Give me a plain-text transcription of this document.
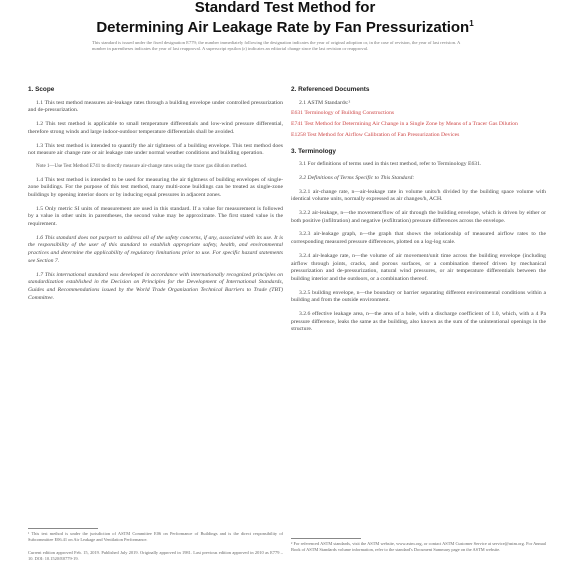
Standard Test Method for
Determining Air Leakage Rate by Fan Pressurization$^1$
This standard is issued under the fixed designation E779; the number immediately following the designation indicates the year of original adoption or, in the case of revision, the year of last revision. A number in parentheses indicates the year of last reapproval. A superscript epsilon (ε) indicates an editorial change since the last revision or reapproval.
1. Scope

1.1 This test method measures air-leakage rates through a building envelope under controlled pressurization and de-pressurization.

1.2 This test method is applicable to small temperature differentials and low-wind pressure differential, therefore strong winds and large indoor-outdoor temperature differentials shall be avoided.

1.3 This test method is intended to quantify the air tightness of a building envelope. This test method does not measure air change rate or air leakage rate under normal weather conditions and building operation.

Note 1—Use Test Method E741 to directly measure air-change rates using the tracer gas dilution method.

1.4 This test method is intended to be used for measuring the air tightness of building envelopes of single-zone buildings. For the purpose of this test method, many multi-zone buildings can be treated as single-zone buildings by opening interior doors or by inducing equal pressures in adjacent zones.

1.5 Only metric SI units of measurement are used in this standard. If a value for measurement is followed by a value in other units in parentheses, the second value may be approximate. The first stated value is the requirement.

1.6 This standard does not purport to address all of the safety concerns, if any, associated with its use. It is the responsibility of the user of this standard to establish appropriate safety, health, and environmental practices and determine the applicability of regulatory limitations prior to use. For specific hazard statements see Section 7.

1.7 This international standard was developed in accordance with internationally recognized principles on standardization established in the Decision on Principles for the Development of International Standards, Guides and Recommendations issued by the World Trade Organization Technical Barriers to Trade (TBT) Committee.

¹ This test method is under the jurisdiction of ASTM Committee E06 on Performance of Buildings and is the direct responsibility of Subcommittee E06.41 on Air Leakage and Ventilation Performance.
Current edition approved Feb. 15, 2019. Published July 2019. Originally approved in 1981. Last previous edition approved in 2010 as E779 – 10. DOI: 10.1520/E0779-19.
2. Referenced Documents

2.1 ASTM Standards:²

E631 Terminology of Building Constructions
E741 Test Method for Determining Air Change in a Single Zone by Means of a Tracer Gas Dilution
E1258 Test Method for Airflow Calibration of Fan Pressurization Devices
3. Terminology

3.1 For definitions of terms used in this test method, refer to Terminology E631.

3.2 Definitions of Terms Specific to This Standard:

3.2.1 air-change rate, n—air-leakage rate in volume units/h divided by the building space volume with identical volume units, normally expressed as air changes/h, ACH.

3.2.2 air-leakage, n—the movement/flow of air through the building envelope, which is driven by either or both positive (infiltration) and negative (exfiltration) pressure differences across the envelope.

3.2.3 air-leakage graph, n—the graph that shows the relationship of measured airflow rates to the corresponding measured pressure differences, plotted on a log-log scale.

3.2.4 air-leakage rate, n—the volume of air movement/unit time across the building envelope (including airflow through joints, cracks, and porous surfaces, or a combination thereof driven by mechanical pressurization and de-pressurization, natural wind pressures, or air temperature differentials between the building interior and the outdoors, or a combination thereof.

3.2.5 building envelope, n—the boundary or barrier separating different environmental conditions within a building and from the outside environment.

3.2.6 effective leakage area, n—the area of a hole, with a discharge coefficient of 1.0, which, with a 4 Pa pressure difference, leaks the same as the building, also known as the sum of the unintentional openings in the structure.

² For referenced ASTM standards, visit the ASTM website, www.astm.org, or contact ASTM Customer Service at service@astm.org. For Annual Book of ASTM Standards volume information, refer to the standard's Document Summary page on the ASTM website.
